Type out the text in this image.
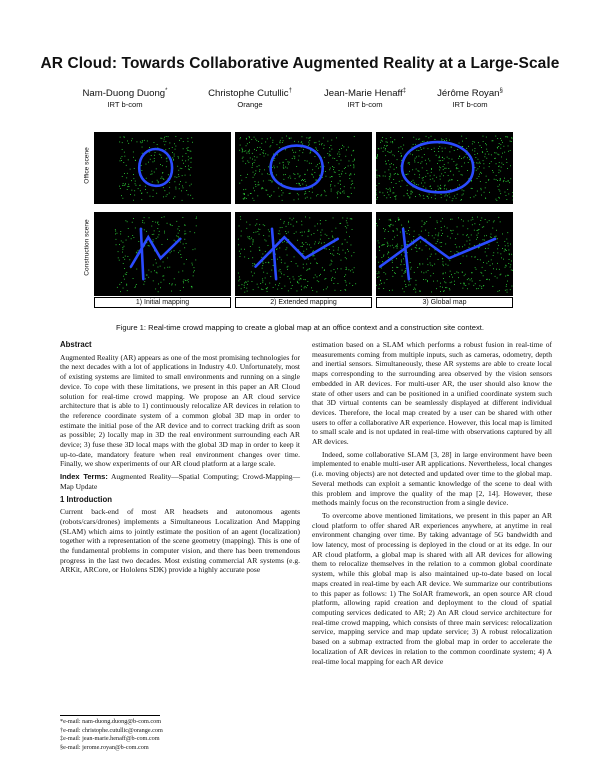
AR Cloud: Towards Collaborative Augmented Reality at a Large-Scale
Nam-Duong Duong*
IRT b-com
Christophe Cutullic†
Orange
Jean-Marie Henaff‡
IRT b-com
Jérôme Royan§
IRT b-com
Office scene
Construction scene
1) Initial mapping	2) Extended mapping	3) Global map
Figure 1: Real-time crowd mapping to create a global map at an office context and a construction site context.
Abstract

Augmented Reality (AR) appears as one of the most promising technologies for the next decades with a lot of applications in Industry 4.0. Unfortunately, most of existing systems are limited to small environments and running on a single device. To cope with these limitations, we present in this paper an AR Cloud solution for real-time crowd mapping. We propose an AR cloud service architecture that is able to 1) continuously relocalize AR devices in relation to the reference coordinate system of a common global 3D map in order to estimate the initial pose of the AR device and to correct tracking drift as soon as possible; 2) locally map in 3D the real environment surrounding each AR device; 3) fuse these 3D local maps with the global 3D map in order to keep it up-to-date, mandatory feature when real environment changes over time. Finally, we show experiments of our AR cloud platform at a large scale.

Index Terms: Augmented Reality—Spatial Computing; Crowd-Mapping—Map Update

1 Introduction

Current back-end of most AR headsets and autonomous agents (robots/cars/drones) implements a Simultaneous Localization And Mapping (SLAM) which aims to jointly estimate the position of an agent (localization) together with a representation of the scene geometry (mapping). This is one of the fundamental problems in computer vision, and there has been tremendous progress in the last two decades. Most existing commercial AR systems (e.g. ARKit, ARCore, or Hololens SDK) provide a highly accurate pose

*e-mail: nam-duong.duong@b-com.com
†e-mail: christophe.cutullic@orange.com
‡e-mail: jean-marie.henaff@b-com.com
§e-mail: jerome.royan@b-com.com

estimation based on a SLAM which performs a robust fusion in real-time of measurements coming from multiple inputs, such as cameras, odometry, depth and inertial sensors. Simultaneously, these AR systems are able to create local maps corresponding to the surrounding area observed by the vision sensors embedded in AR devices. For multi-user AR, the user should also know the state of other users and can be positioned in a unified coordinate system such that 3D virtual contents can be seamlessly displayed at different individual devices. Therefore, the local map created by a user can be shared with other users to offer a collaborative AR experience. However, this local map is limited to small scale and is not updated in real-time with observations captured by all AR devices.

Indeed, some collaborative SLAM [3, 28] in large environment have been implemented to enable multi-user AR applications. Nevertheless, local changes (i.e. moving objects) are not detected and updated over time to the global map. Several methods can exploit a semantic knowledge of the scene to deal with this problem and improve the quality of the map [2, 14]. However, these methods mainly focus on the reconstruction from a single device.

To overcome above mentioned limitations, we present in this paper an AR cloud platform to offer shared AR experiences anywhere, at anytime in real environment changing over time. By taking advantage of 5G bandwidth and low latency, most of processing is deployed in the cloud or at its edge. In our AR cloud platform, a global map is shared with all AR devices for allowing them to relocalize themselves in the relation to a common global coordinate system, while this global map is also maintained up-to-date based on local maps created in real-time by each AR device. We summarize our contributions to this paper as follows: 1) The SolAR framework, an open source AR cloud platform, allowing rapid creation and deployment to the cloud of spatial computing services dedicated to AR; 2) An AR cloud service architecture for real-time crowd mapping, which consists of three main services: relocalization service, mapping service and map update service; 3) A robust relocalization based on a submap extracted from the global map in order to accelerate the localization of AR devices in relation to the common coordinate system; 4) A real-time local mapping for each AR device
